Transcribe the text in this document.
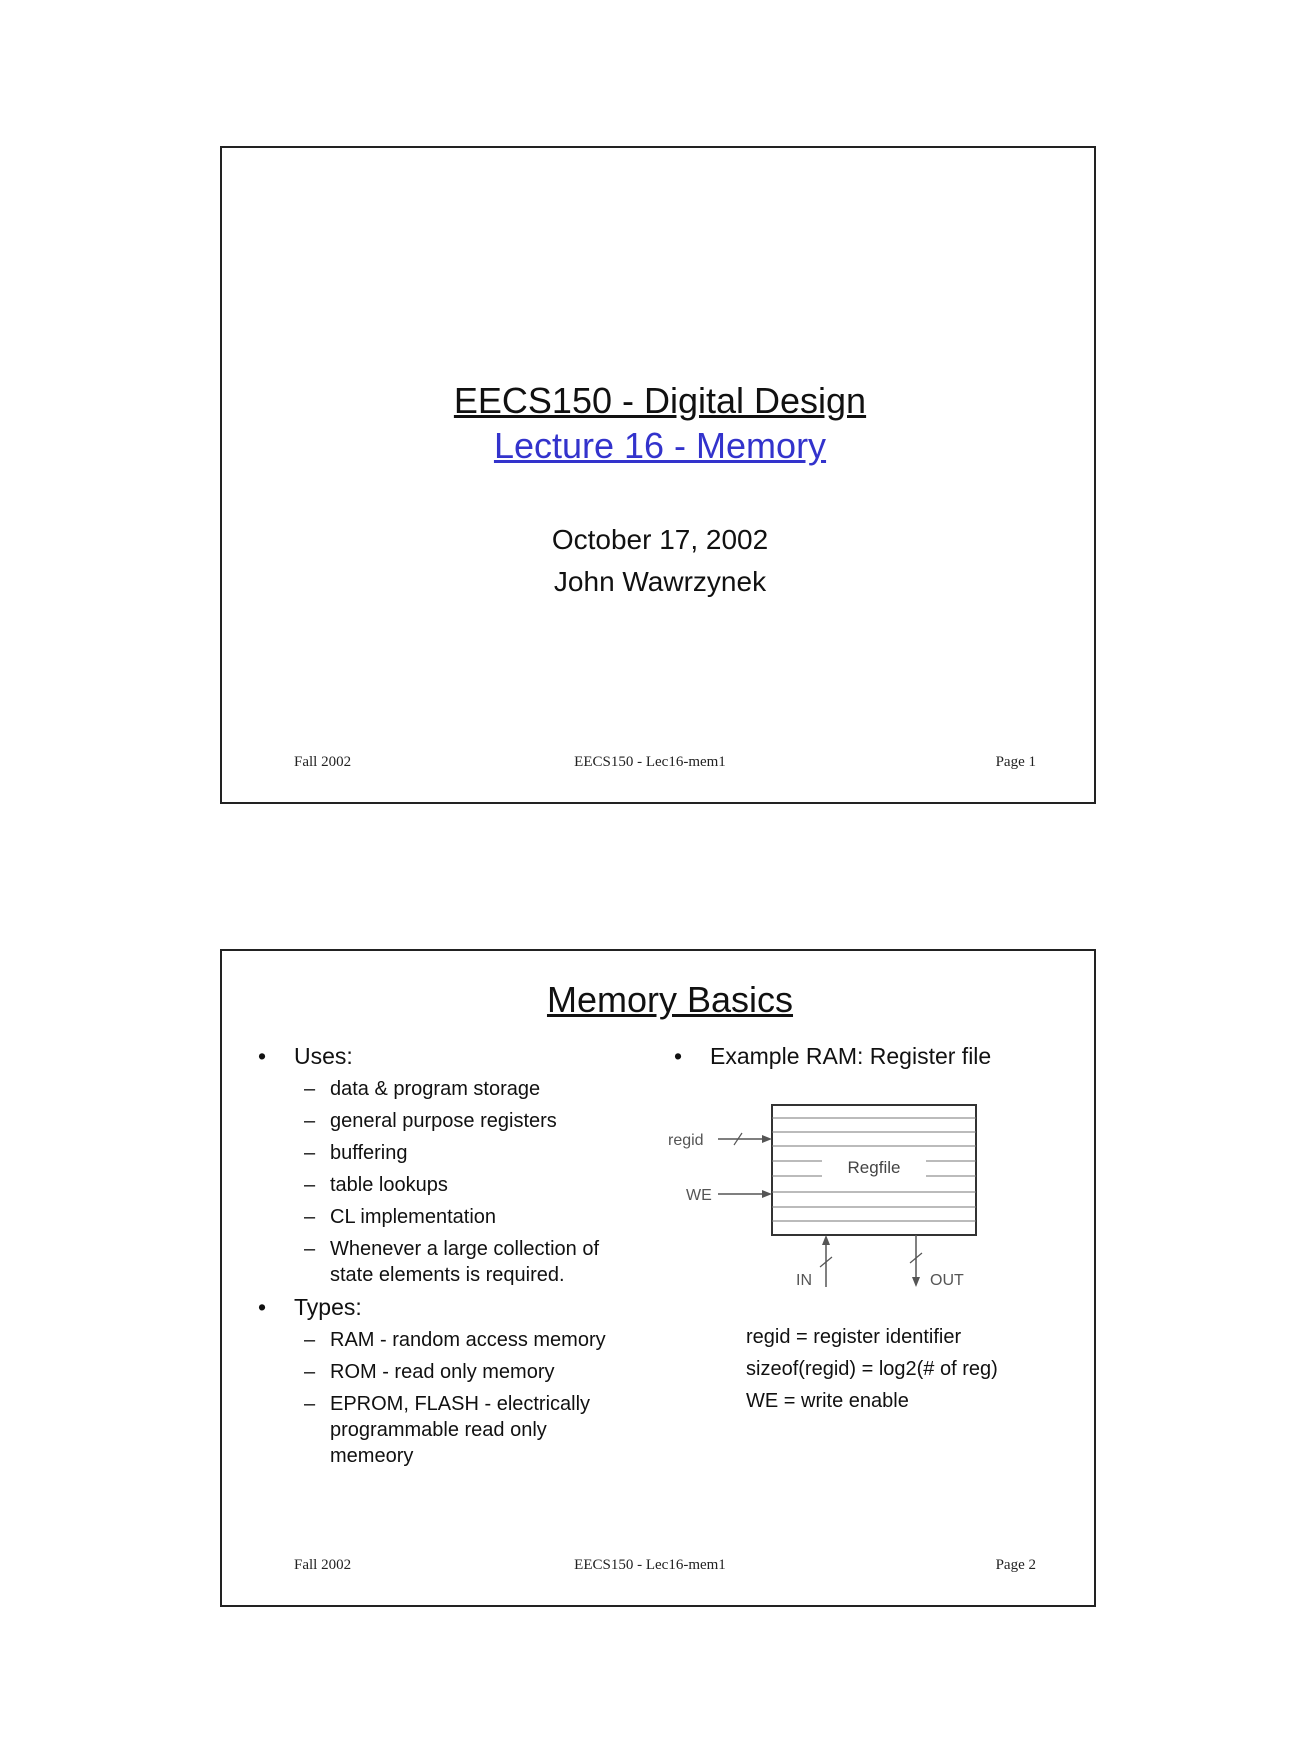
EECS150 - Digital Design
Lecture 16 - Memory
October 17, 2002
John Wawrzynek
Fall 2002	EECS150 - Lec16-mem1	Page 1
Memory Basics
• Uses:
– data & program storage
– general purpose registers
– buffering
– table lookups
– CL implementation
– Whenever a large collection of state elements is required.
• Types:
– RAM - random access memory
– ROM - read only memory
– EPROM, FLASH - electrically programmable read only memeory
• Example RAM: Register file
Regfile
regid
WE
IN	OUT
regid = register identifier
sizeof(regid) = log2(# of reg)
WE = write enable
Fall 2002	EECS150 - Lec16-mem1	Page 2
